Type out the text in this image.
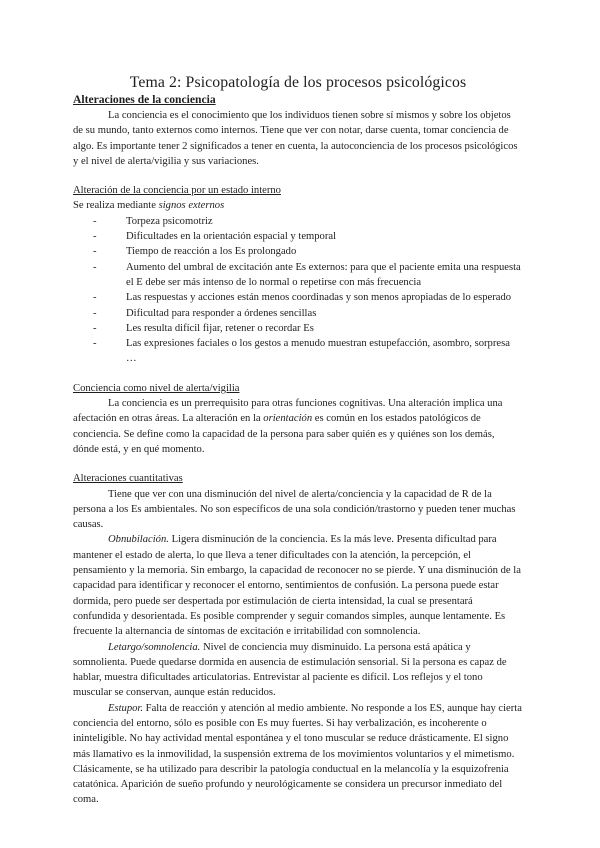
Tema 2: Psicopatología de los procesos psicológicos

Alteraciones de la conciencia

La conciencia es el conocimiento que los individuos tienen sobre sí mismos y sobre los objetos de su mundo, tanto externos como internos. Tiene que ver con notar, darse cuenta, tomar conciencia de algo. Es importante tener 2 significados a tener en cuenta, la autoconciencia de los procesos psicológicos y el nivel de alerta/vigilia y sus variaciones.

Alteración de la conciencia por un estado interno

Se realiza mediante signos externos

-	Torpeza psicomotriz
-	Dificultades en la orientación espacial y temporal
-	Tiempo de reacción a los Es prolongado
-	Aumento del umbral de excitación ante Es externos: para que el paciente emita una respuesta el E debe ser más intenso de lo normal o repetirse con más frecuencia
-	Las respuestas y acciones están menos coordinadas y son menos apropiadas de lo esperado
-	Dificultad para responder a órdenes sencillas
-	Les resulta difícil fijar, retener o recordar Es
-	Las expresiones faciales o los gestos a menudo muestran estupefacción, asombro, sorpresa …

Conciencia como nivel de alerta/vigilia

La conciencia es un prerrequisito para otras funciones cognitivas. Una alteración implica una afectación en otras áreas. La alteración en la orientación es común en los estados patológicos de conciencia. Se define como la capacidad de la persona para saber quién es y quiénes son los demás, dónde está, y en qué momento.

Alteraciones cuantitativas

Tiene que ver con una disminución del nivel de alerta/conciencia y la capacidad de R de la persona a los Es ambientales. No son específicos de una sola condición/trastorno y pueden tener muchas causas.

Obnubilación. Ligera disminución de la conciencia. Es la más leve. Presenta dificultad para mantener el estado de alerta, lo que lleva a tener dificultades con la atención, la percepción, el pensamiento y la memoria. Sin embargo, la capacidad de reconocer no se pierde. Y una disminución de la capacidad para identificar y reconocer el entorno, sentimientos de confusión. La persona puede estar dormida, pero puede ser despertada por estimulación de cierta intensidad, la cual se presentará confundida y desorientada. Es posible comprender y seguir comandos simples, aunque lentamente. Es frecuente la alternancia de síntomas de excitación e irritabilidad con somnolencia.

Letargo/somnolencia. Nivel de conciencia muy disminuido. La persona está apática y somnolienta. Puede quedarse dormida en ausencia de estimulación sensorial. Si la persona es capaz de hablar, muestra dificultades articulatorias. Entrevistar al paciente es difícil. Los reflejos y el tono muscular se conservan, aunque están reducidos.

Estupor. Falta de reacción y atención al medio ambiente. No responde a los ES, aunque hay cierta conciencia del entorno, sólo es posible con Es muy fuertes. Si hay verbalización, es incoherente o ininteligible. No hay actividad mental espontánea y el tono muscular se reduce drásticamente. El signo más llamativo es la inmovilidad, la suspensión extrema de los movimientos voluntarios y el mimetismo. Clásicamente, se ha utilizado para describir la patología conductual en la melancolía y la esquizofrenia catatónica. Aparición de sueño profundo y neurológicamente se considera un precursor inmediato del coma.
